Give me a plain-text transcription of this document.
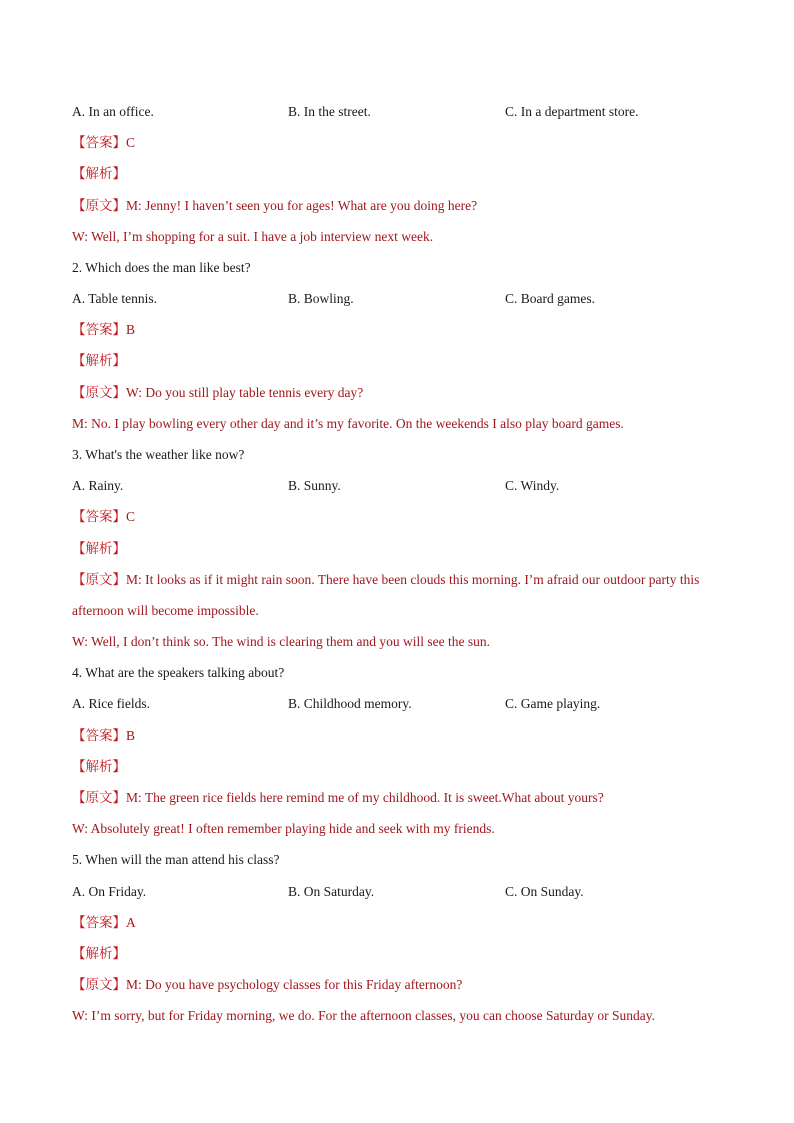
A. In an office.	B. In the street.	C. In a department store.
【答案】C
【解析】
【原文】M: Jenny! I haven’t seen you for ages! What are you doing here?
W: Well, I’m shopping for a suit. I have a job interview next week.
2. Which does the man like best?
A. Table tennis.	B. Bowling.	C. Board games.
【答案】B
【解析】
【原文】W: Do you still play table tennis every day?
M: No. I play bowling every other day and it’s my favorite. On the weekends I also play board games.
3. What's the weather like now?
A. Rainy.	B. Sunny.	C. Windy.
【答案】C
【解析】
【原文】M: It looks as if it might rain soon. There have been clouds this morning. I’m afraid our outdoor party this
afternoon will become impossible.
W: Well, I don’t think so. The wind is clearing them and you will see the sun.
4. What are the speakers talking about?
A. Rice fields.	B. Childhood memory.	C. Game playing.
【答案】B
【解析】
【原文】M: The green rice fields here remind me of my childhood. It is sweet.What about yours?
W: Absolutely great! I often remember playing hide and seek with my friends.
5. When will the man attend his class?
A. On Friday.	B. On Saturday.	C. On Sunday.
【答案】A
【解析】
【原文】M: Do you have psychology classes for this Friday afternoon?
W: I’m sorry, but for Friday morning, we do. For the afternoon classes, you can choose Saturday or Sunday.
